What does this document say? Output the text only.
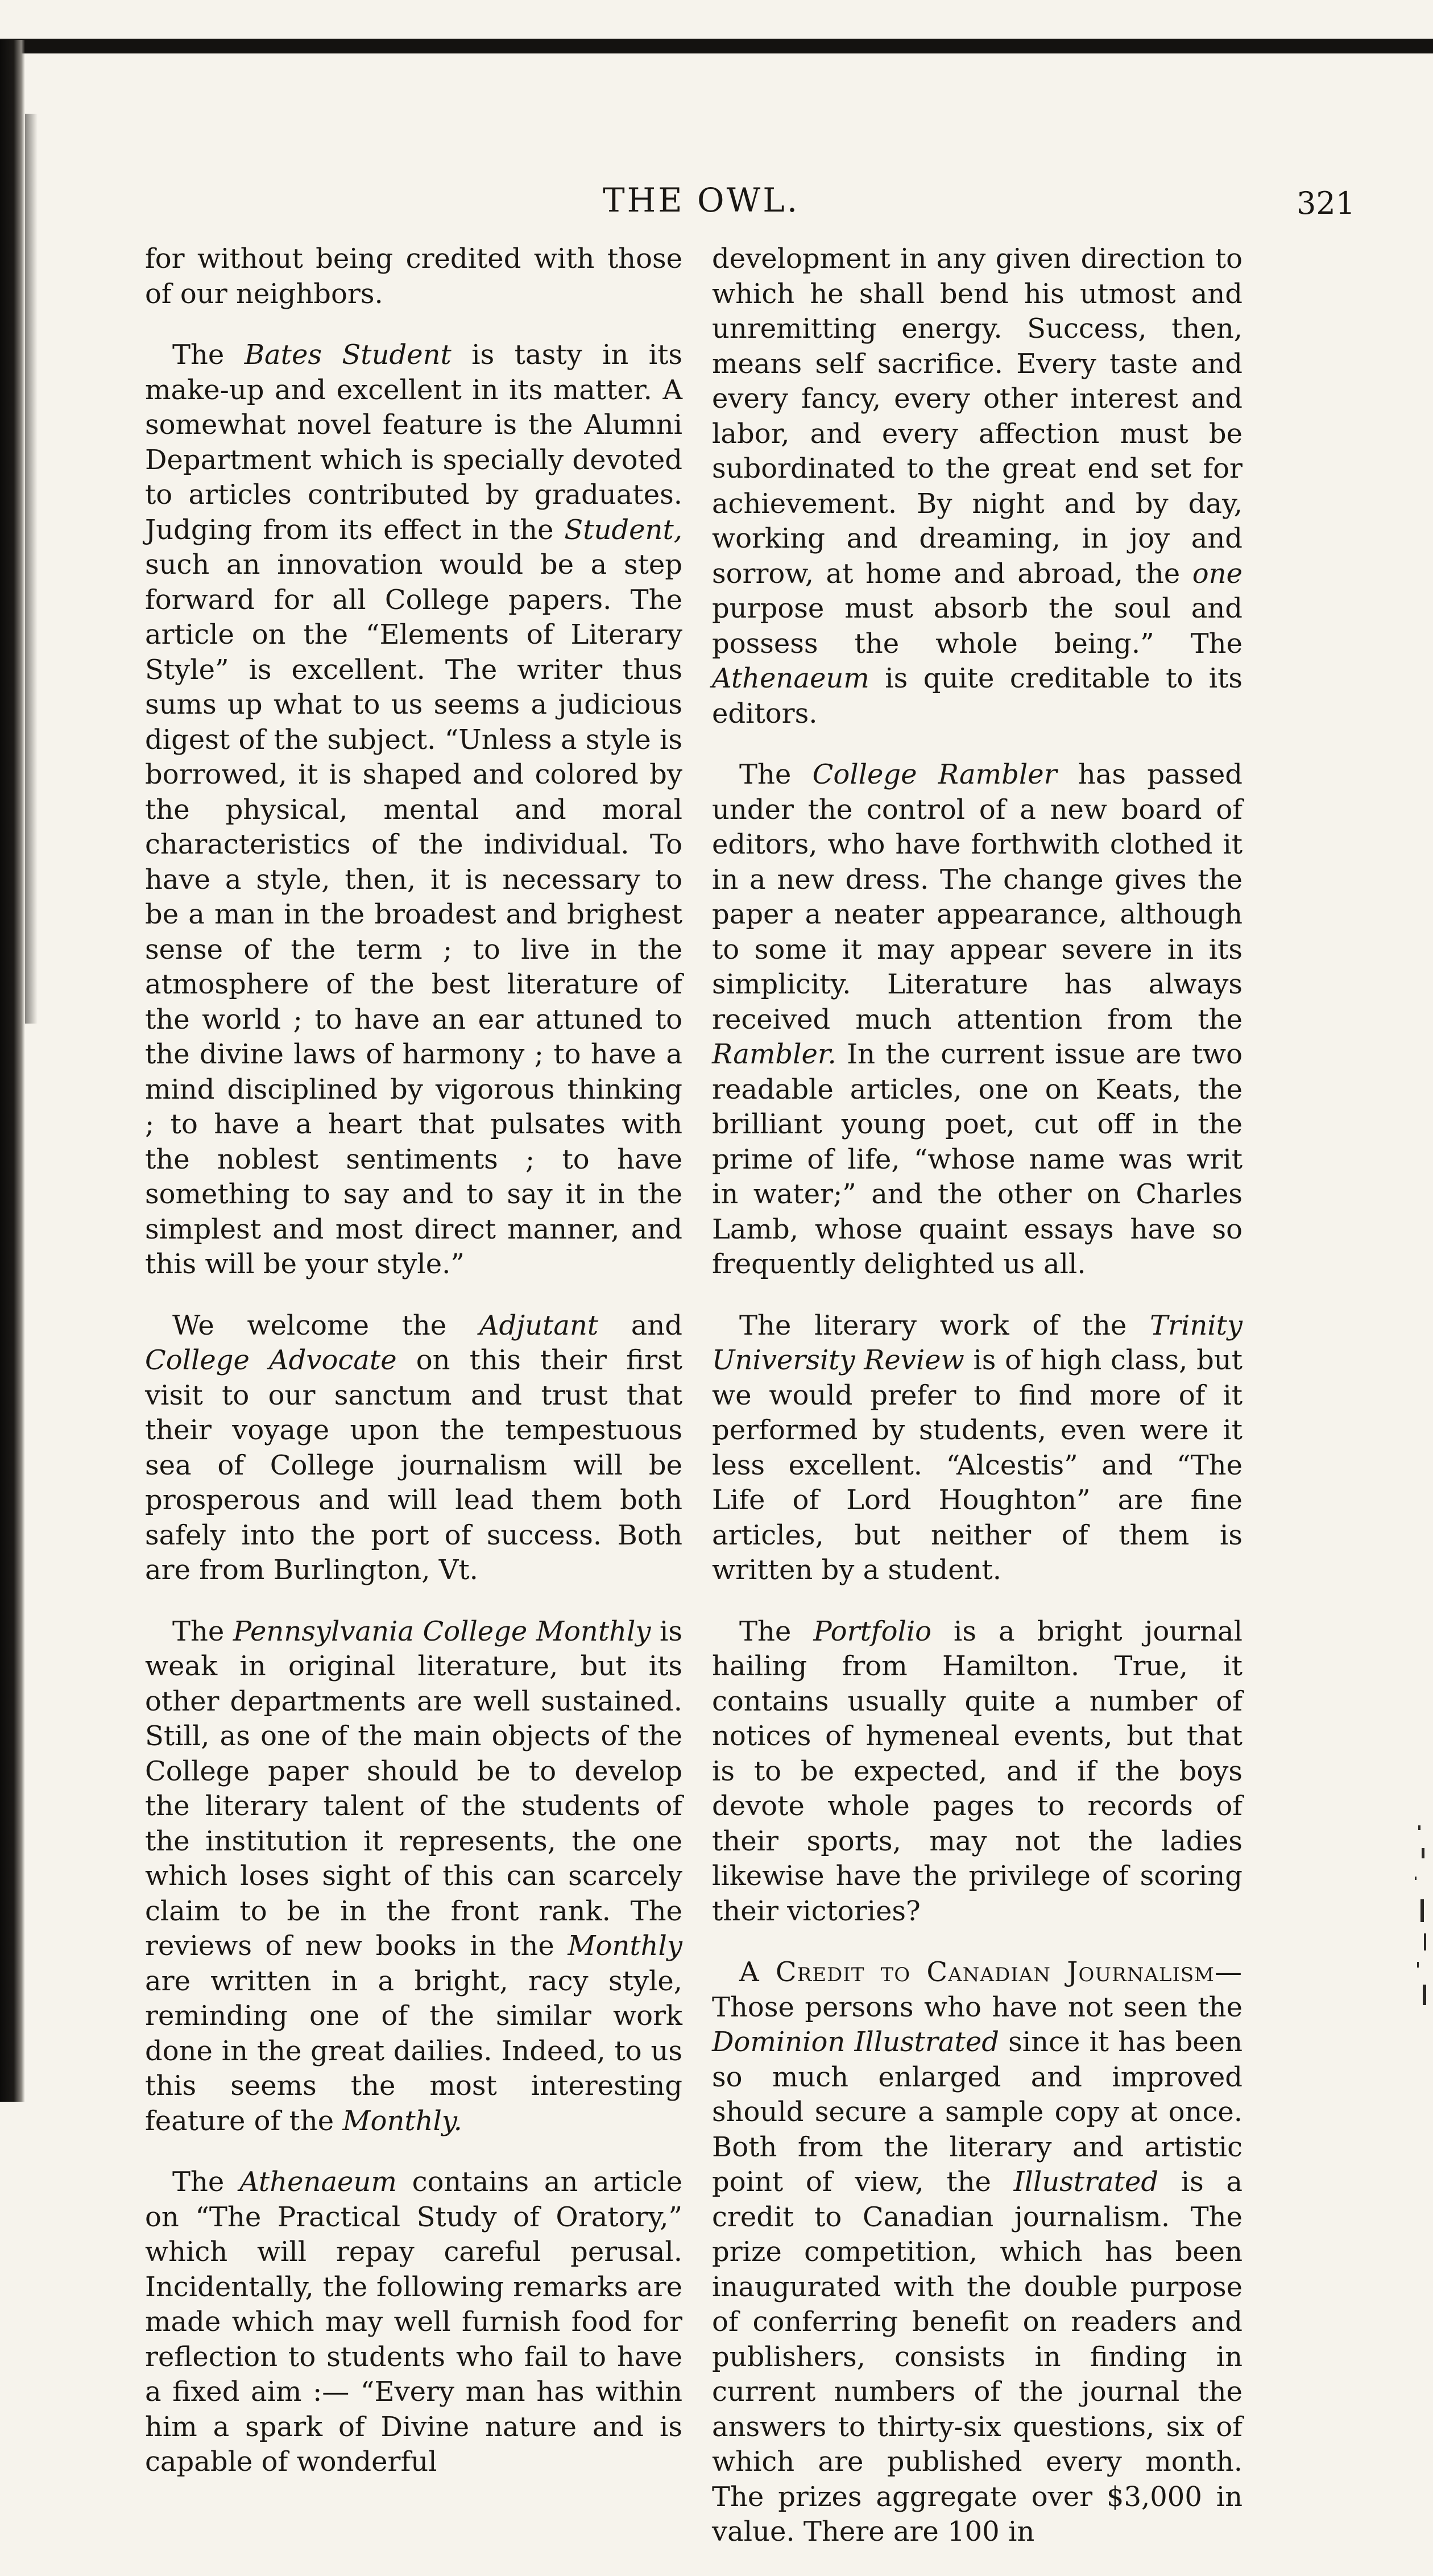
THE OWL.	321

for without being credited with those of our neighbors.

The Bates Student is tasty in its make-up and excellent in its matter. A somewhat novel feature is the Alumni Department which is specially devoted to articles contributed by graduates. Judging from its effect in the Student, such an innovation would be a step forward for all College papers. The article on the “Elements of Literary Style” is excellent. The writer thus sums up what to us seems a judicious digest of the subject. “Unless a style is borrowed, it is shaped and colored by the physical, mental and moral characteristics of the individual. To have a style, then, it is necessary to be a man in the broadest and brighest sense of the term ; to live in the atmosphere of the best literature of the world ; to have an ear attuned to the divine laws of harmony ; to have a mind disciplined by vigorous thinking ; to have a heart that pulsates with the noblest sentiments ; to have something to say and to say it in the simplest and most direct manner, and this will be your style.”

We welcome the Adjutant and College Advocate on this their first visit to our sanctum and trust that their voyage upon the tempestuous sea of College journalism will be prosperous and will lead them both safely into the port of success. Both are from Burlington, Vt.

The Pennsylvania College Monthly is weak in original literature, but its other departments are well sustained. Still, as one of the main objects of the College paper should be to develop the literary talent of the students of the institution it represents, the one which loses sight of this can scarcely claim to be in the front rank. The reviews of new books in the Monthly are written in a bright, racy style, reminding one of the similar work done in the great dailies. Indeed, to us this seems the most interesting feature of the Monthly.

The Athenaeum contains an article on “The Practical Study of Oratory,” which will repay careful perusal. Incidentally, the following remarks are made which may well furnish food for reflection to students who fail to have a fixed aim :— “Every man has within him a spark of Divine nature and is capable of wonderful

development in any given direction to which he shall bend his utmost and unremitting energy. Success, then, means self sacrifice. Every taste and every fancy, every other interest and labor, and every affection must be subordinated to the great end set for achievement. By night and by day, working and dreaming, in joy and sorrow, at home and abroad, the one purpose must absorb the soul and possess the whole being.” The Athenaeum is quite creditable to its editors.

The College Rambler has passed under the control of a new board of editors, who have forthwith clothed it in a new dress. The change gives the paper a neater appearance, although to some it may appear severe in its simplicity. Literature has always received much attention from the Rambler. In the current issue are two readable articles, one on Keats, the brilliant young poet, cut off in the prime of life, “whose name was writ in water;” and the other on Charles Lamb, whose quaint essays have so frequently delighted us all.

The literary work of the Trinity University Review is of high class, but we would prefer to find more of it performed by students, even were it less excellent. “Alcestis” and “The Life of Lord Houghton” are fine articles, but neither of them is written by a student.

The Portfolio is a bright journal hailing from Hamilton. True, it contains usually quite a number of notices of hymeneal events, but that is to be expected, and if the boys devote whole pages to records of their sports, may not the ladies likewise have the privilege of scoring their victories?

A Credit to Canadian Journalism— Those persons who have not seen the Dominion Illustrated since it has been so much enlarged and improved should secure a sample copy at once. Both from the literary and artistic point of view, the Illustrated is a credit to Canadian journalism. The prize competition, which has been inaugurated with the double purpose of conferring benefit on readers and publishers, consists in finding in current numbers of the journal the answers to thirty-six questions, six of which are published every month. The prizes aggregate over $3,000 in value. There are 100 in
